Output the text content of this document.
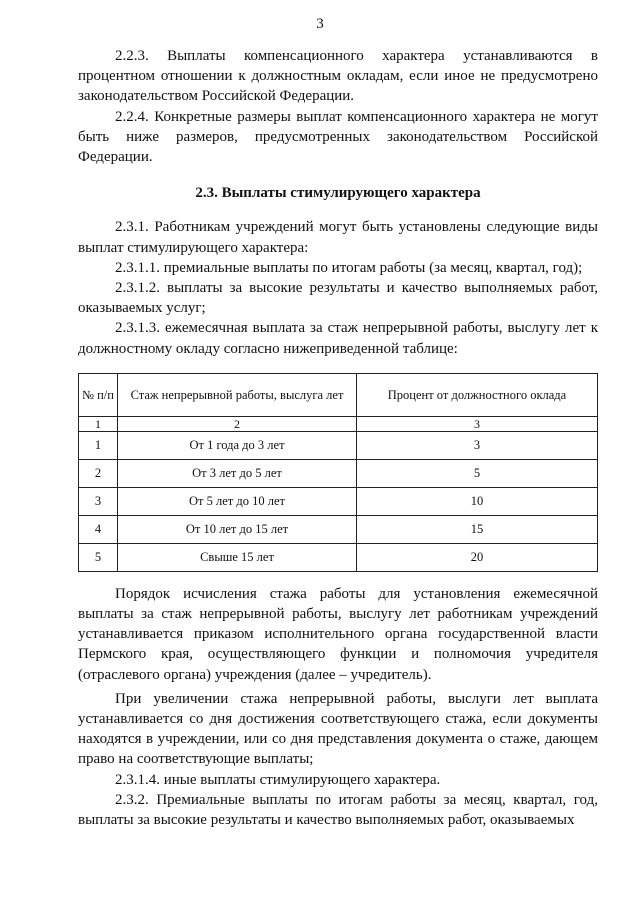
3

2.2.3. Выплаты компенсационного характера устанавливаются в процентном отношении к должностным окладам, если иное не предусмотрено законодательством Российской Федерации.

2.2.4. Конкретные размеры выплат компенсационного характера не могут быть ниже размеров, предусмотренных законодательством Российской Федерации.

2.3. Выплаты стимулирующего характера

2.3.1. Работникам учреждений могут быть установлены следующие виды выплат стимулирующего характера:

2.3.1.1. премиальные выплаты по итогам работы (за месяц, квартал, год);

2.3.1.2. выплаты за высокие результаты и качество выполняемых работ, оказываемых услуг;

2.3.1.3. ежемесячная выплата за стаж непрерывной работы, выслугу лет к должностному окладу согласно нижеприведенной таблице:

№ п/п	Стаж непрерывной работы, выслуга лет	Процент от должностного оклада
1	2	3
1	От 1 года до 3 лет	3
2	От 3 лет до 5 лет	5
3	От 5 лет до 10 лет	10
4	От 10 лет до 15 лет	15
5	Свыше 15 лет	20

Порядок исчисления стажа работы для установления ежемесячной выплаты за стаж непрерывной работы, выслугу лет работникам учреждений устанавливается приказом исполнительного органа государственной власти Пермского края, осуществляющего функции и полномочия учредителя (отраслевого органа) учреждения (далее – учредитель).

При увеличении стажа непрерывной работы, выслуги лет выплата устанавливается со дня достижения соответствующего стажа, если документы находятся в учреждении, или со дня представления документа о стаже, дающем право на соответствующие выплаты;

2.3.1.4. иные выплаты стимулирующего характера.

2.3.2. Премиальные выплаты по итогам работы за месяц, квартал, год, выплаты за высокие результаты и качество выполняемых работ, оказываемых
